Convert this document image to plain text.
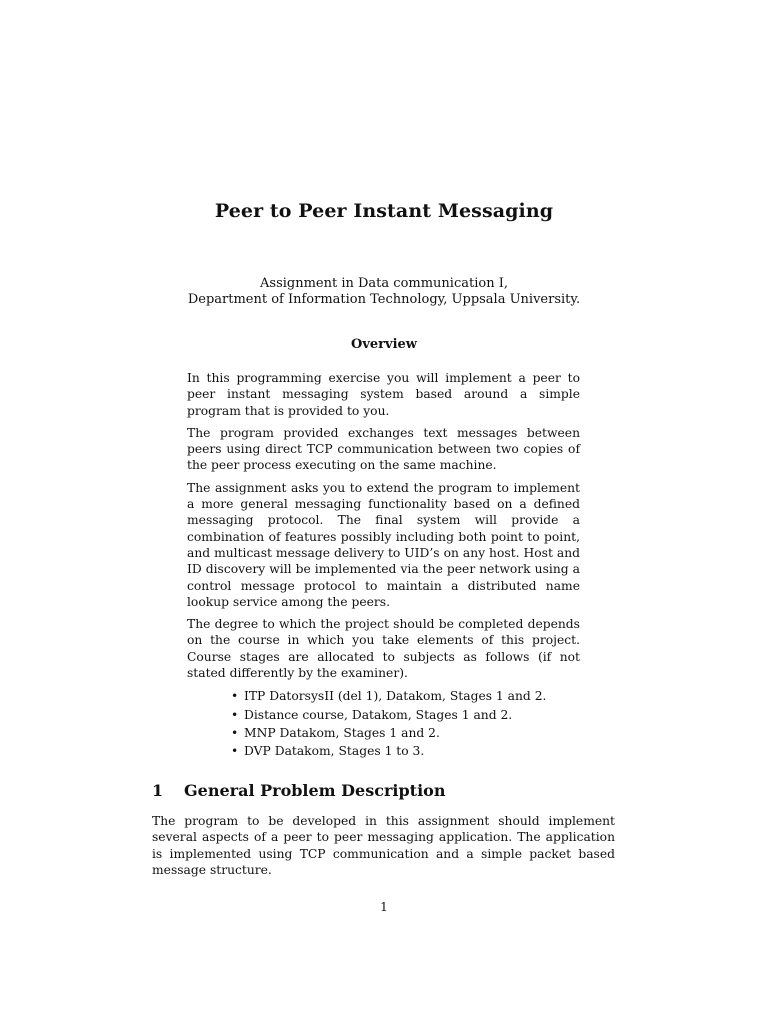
Peer to Peer Instant Messaging
Assignment in Data communication I,
Department of Information Technology, Uppsala University.
Overview

In this programming exercise you will implement a peer to peer instant messaging system based around a simple program that is provided to you.

The program provided exchanges text messages between peers using direct TCP communication between two copies of the peer process executing on the same machine.

The assignment asks you to extend the program to implement a more general messaging functionality based on a defined messaging protocol. The final system will provide a combination of features possibly including both point to point, and multicast message delivery to UID’s on any host. Host and ID discovery will be implemented via the peer network using a control message protocol to maintain a distributed name lookup service among the peers.

The degree to which the project should be completed depends on the course in which you take elements of this project. Course stages are allocated to subjects as follows (if not stated differently by the examiner).

• ITP DatorsysII (del 1), Datakom, Stages 1 and 2.
• Distance course, Datakom, Stages 1 and 2.
• MNP Datakom, Stages 1 and 2.
• DVP Datakom, Stages 1 to 3.
1 General Problem Description

The program to be developed in this assignment should implement several aspects of a peer to peer messaging application. The application is implemented using TCP communication and a simple packet based message structure.

1
